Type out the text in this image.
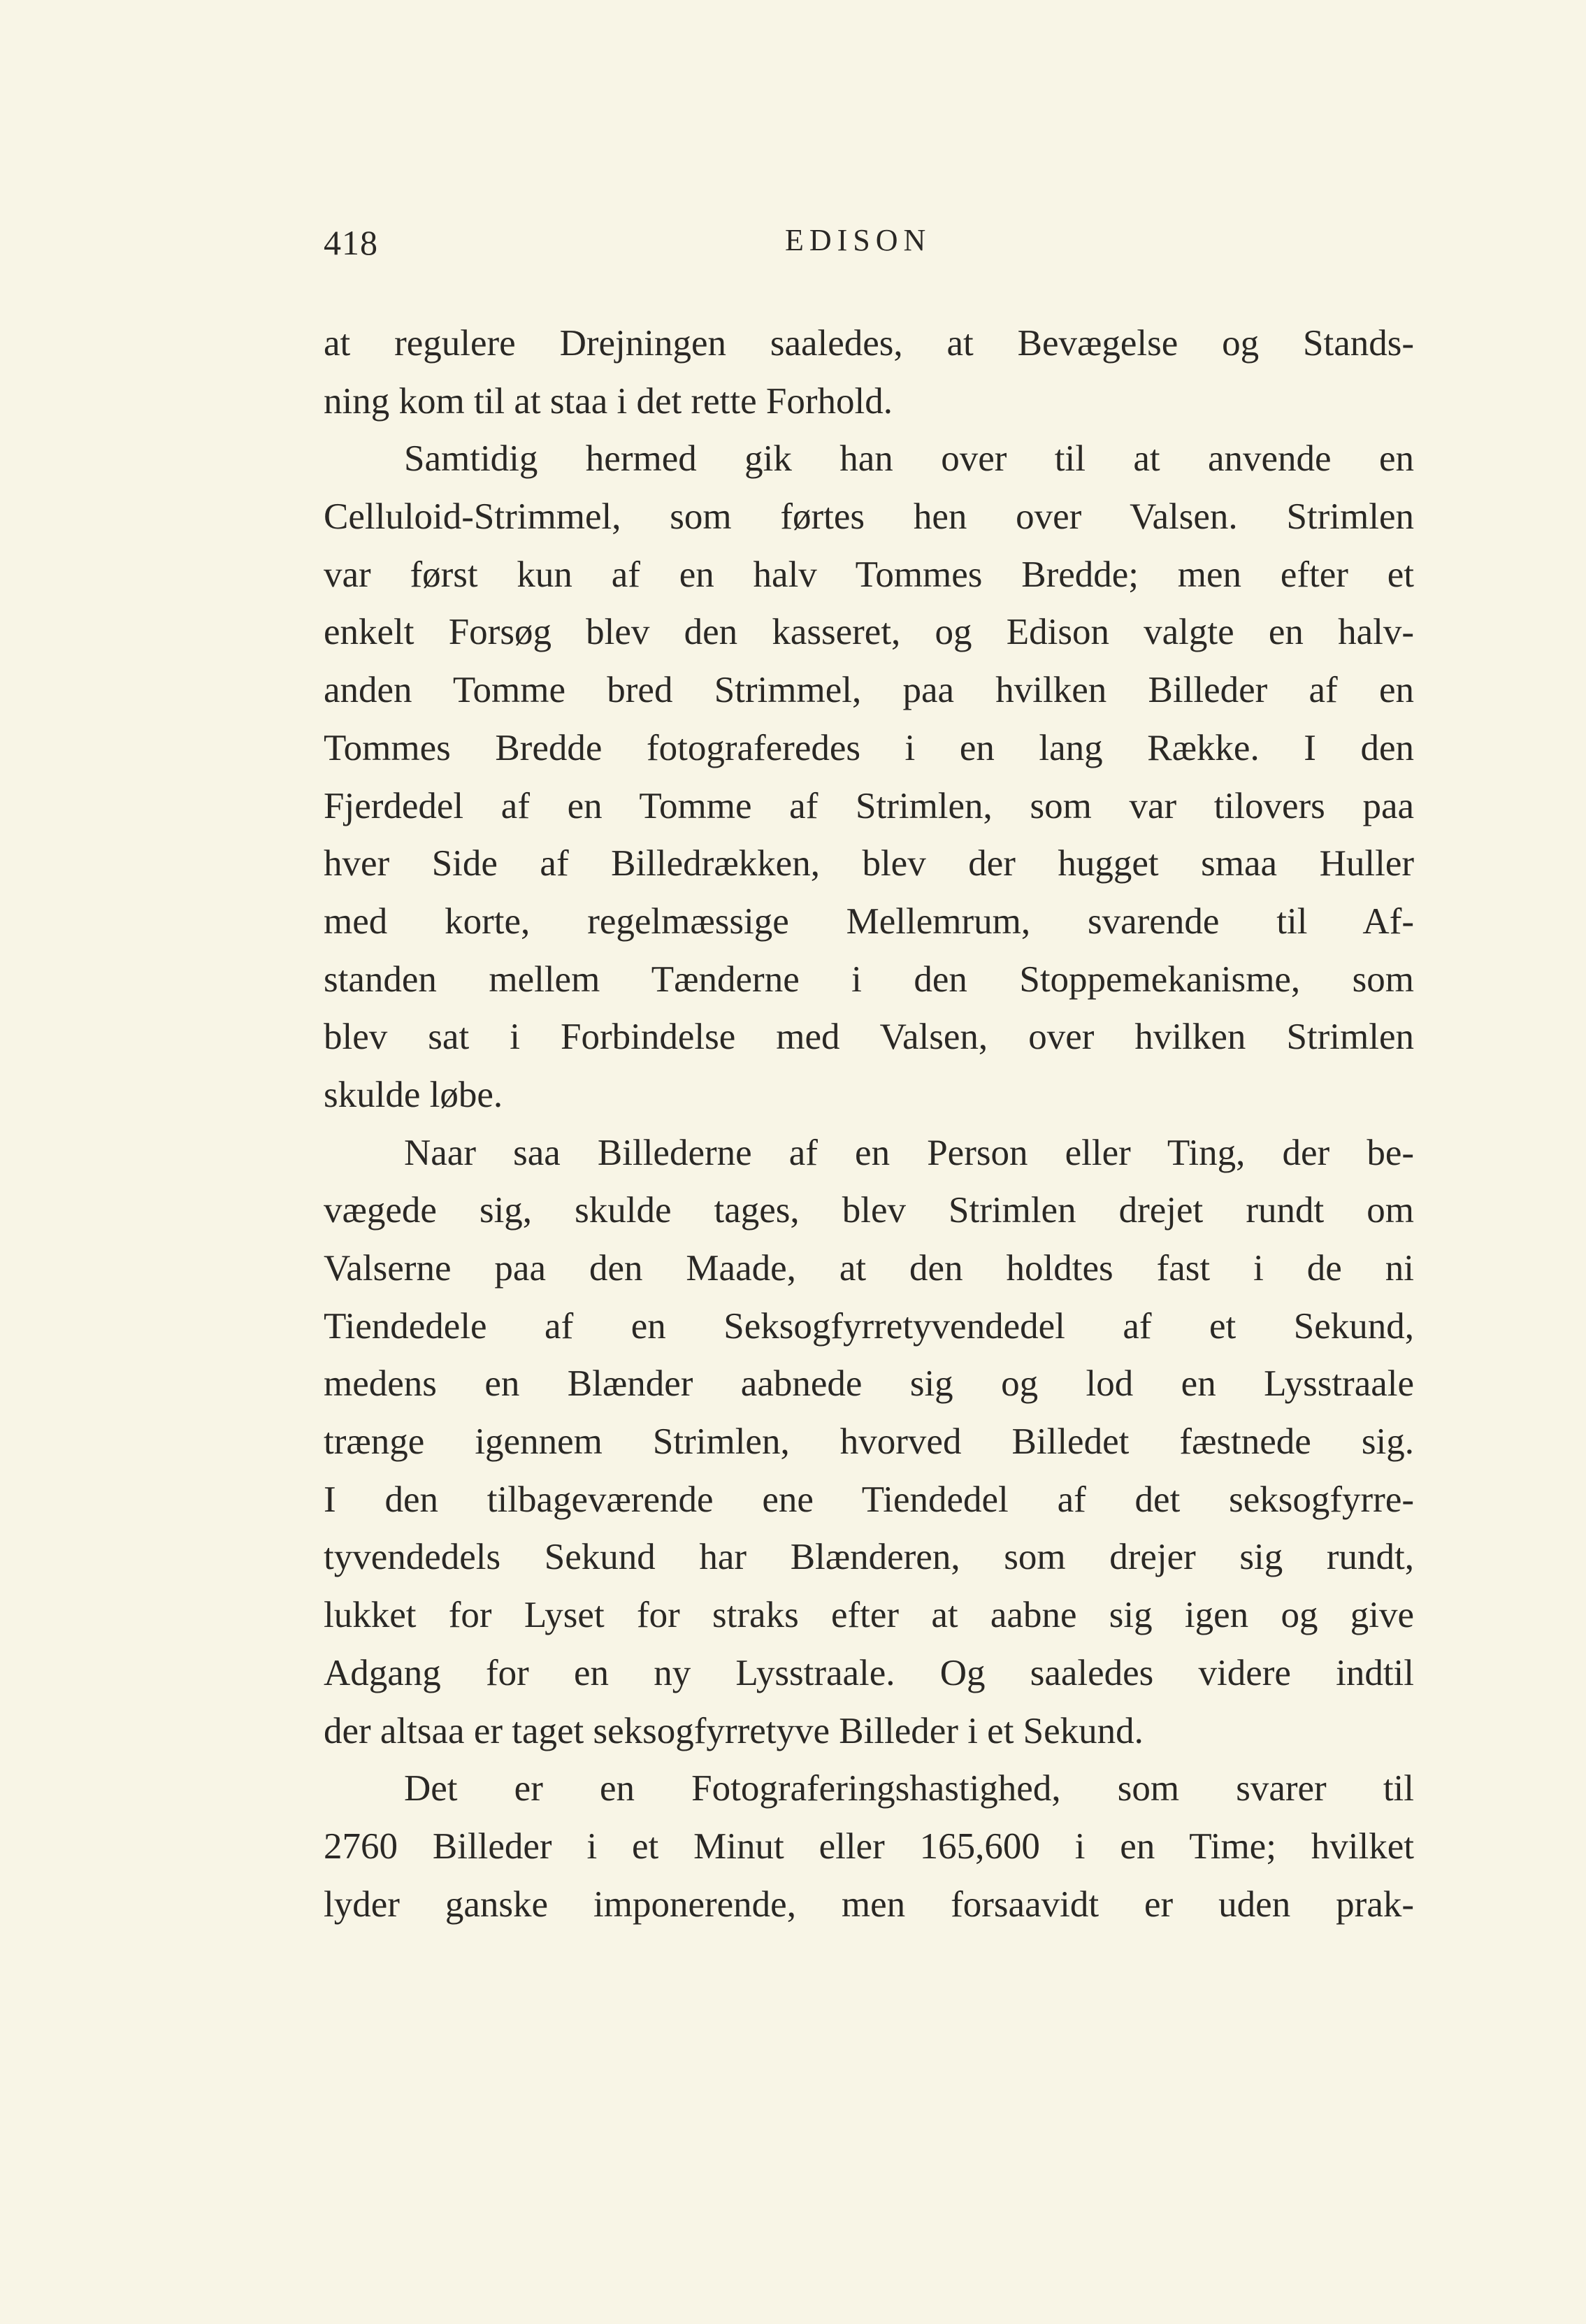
418	EDISON
at regulere Drejningen saaledes, at Bevægelse og Stands-
ning kom til at staa i det rette Forhold.
Samtidig hermed gik han over til at anvende en
Celluloid-Strimmel, som førtes hen over Valsen. Strimlen
var først kun af en halv Tommes Bredde; men efter et
enkelt Forsøg blev den kasseret, og Edison valgte en halv-
anden Tomme bred Strimmel, paa hvilken Billeder af en
Tommes Bredde fotograferedes i en lang Række. I den
Fjerdedel af en Tomme af Strimlen, som var tilovers paa
hver Side af Billedrækken, blev der hugget smaa Huller
med korte, regelmæssige Mellemrum, svarende til Af-
standen mellem Tænderne i den Stoppemekanisme, som
blev sat i Forbindelse med Valsen, over hvilken Strimlen
skulde løbe.
Naar saa Billederne af en Person eller Ting, der be-
vægede sig, skulde tages, blev Strimlen drejet rundt om
Valserne paa den Maade, at den holdtes fast i de ni
Tiendedele af en Seksogfyrretyvendedel af et Sekund,
medens en Blænder aabnede sig og lod en Lysstraale
trænge igennem Strimlen, hvorved Billedet fæstnede sig.
I den tilbageværende ene Tiendedel af det seksogfyrre-
tyvendedels Sekund har Blænderen, som drejer sig rundt,
lukket for Lyset for straks efter at aabne sig igen og give
Adgang for en ny Lysstraale. Og saaledes videre indtil
der altsaa er taget seksogfyrretyve Billeder i et Sekund.
Det er en Fotograferingshastighed, som svarer til
2760 Billeder i et Minut eller 165,600 i en Time; hvilket
lyder ganske imponerende, men forsaavidt er uden prak-
